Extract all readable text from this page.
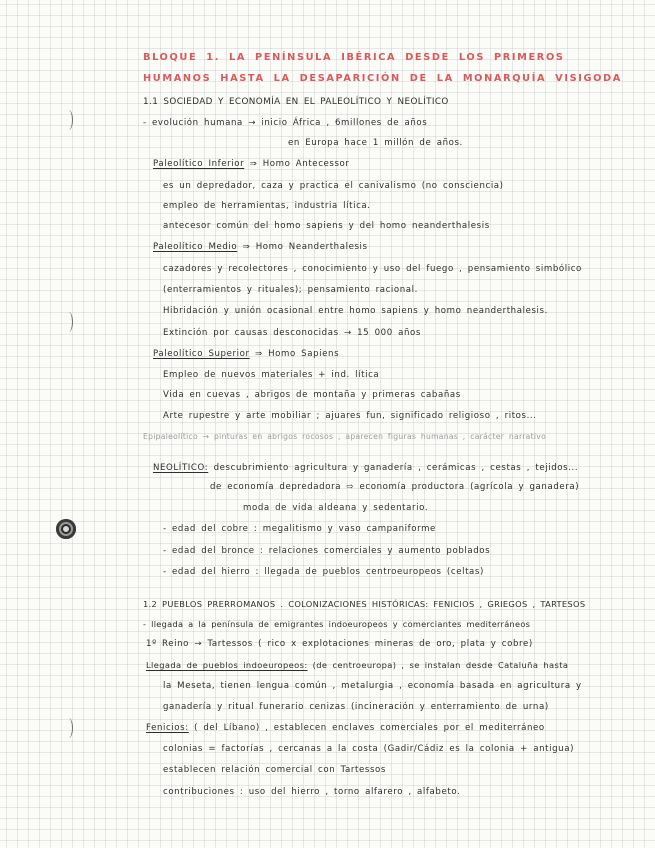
BLOQUE 1. LA PENÍNSULA IBÉRICA DESDE LOS PRIMEROS
HUMANOS HASTA LA DESAPARICIÓN DE LA MONARQUÍA VISIGODA
1.1 SOCIEDAD Y ECONOMÍA EN EL PALEOLÍTICO Y NEOLÍTICO
- evolución humana → inicio África , 6millones de años
en Europa hace 1 millón de años.
Paleolítico Inferior ⇒ Homo Antecessor
es un depredador, caza y practica el canivalismo (no consciencia)
empleo de herramientas, industria lítica.
antecesor común del homo sapiens y del homo neanderthalesis
Paleolítico Medio ⇒ Homo Neanderthalesis
cazadores y recolectores , conocimiento y uso del fuego , pensamiento simbólico
(enterramientos y rituales); pensamiento racional.
Hibridación y unión ocasional entre homo sapiens y homo neanderthalesis.
Extinción por causas desconocidas → 15 000 años
Paleolítico Superior ⇒ Homo Sapiens
Empleo de nuevos materiales + ind. lítica
Vida en cuevas , abrigos de montaña y primeras cabañas
Arte rupestre y arte mobiliar ; ajuares fun, significado religioso , ritos...
Epipaleolítico → pinturas en abrigos rocosos , aparecen figuras humanas , carácter narrativo
NEOLÍTICO: descubrimiento agricultura y ganadería , cerámicas , cestas , tejidos...
de economía depredadora ⇨ economía productora (agrícola y ganadera)
moda de vida aldeana y sedentario.
- edad del cobre : megalitismo y vaso campaniforme
- edad del bronce : relaciones comerciales y aumento poblados
- edad del hierro : llegada de pueblos centroeuropeos (celtas)
1.2 PUEBLOS PRERROMANOS . COLONIZACIONES HISTÓRICAS: FENICIOS , GRIEGOS , TARTESOS
- llegada a la península de emigrantes indoeuropeos y comerciantes mediterráneos
1º Reino → Tartessos ( rico x explotaciones mineras de oro, plata y cobre)
Llegada de pueblos indoeuropeos: (de centroeuropa) , se instalan desde Cataluña hasta
la Meseta, tienen lengua común , metalurgia , economía basada en agricultura y
ganadería y ritual funerario cenizas (incineración y enterramiento de urna)
Fenicios: ( del Líbano) , establecen enclaves comerciales por el mediterráneo
colonias = factorías , cercanas a la costa (Gadir/Cádiz es la colonia + antigua)
establecen relación comercial con Tartessos
contribuciones : uso del hierro , torno alfarero , alfabeto.
